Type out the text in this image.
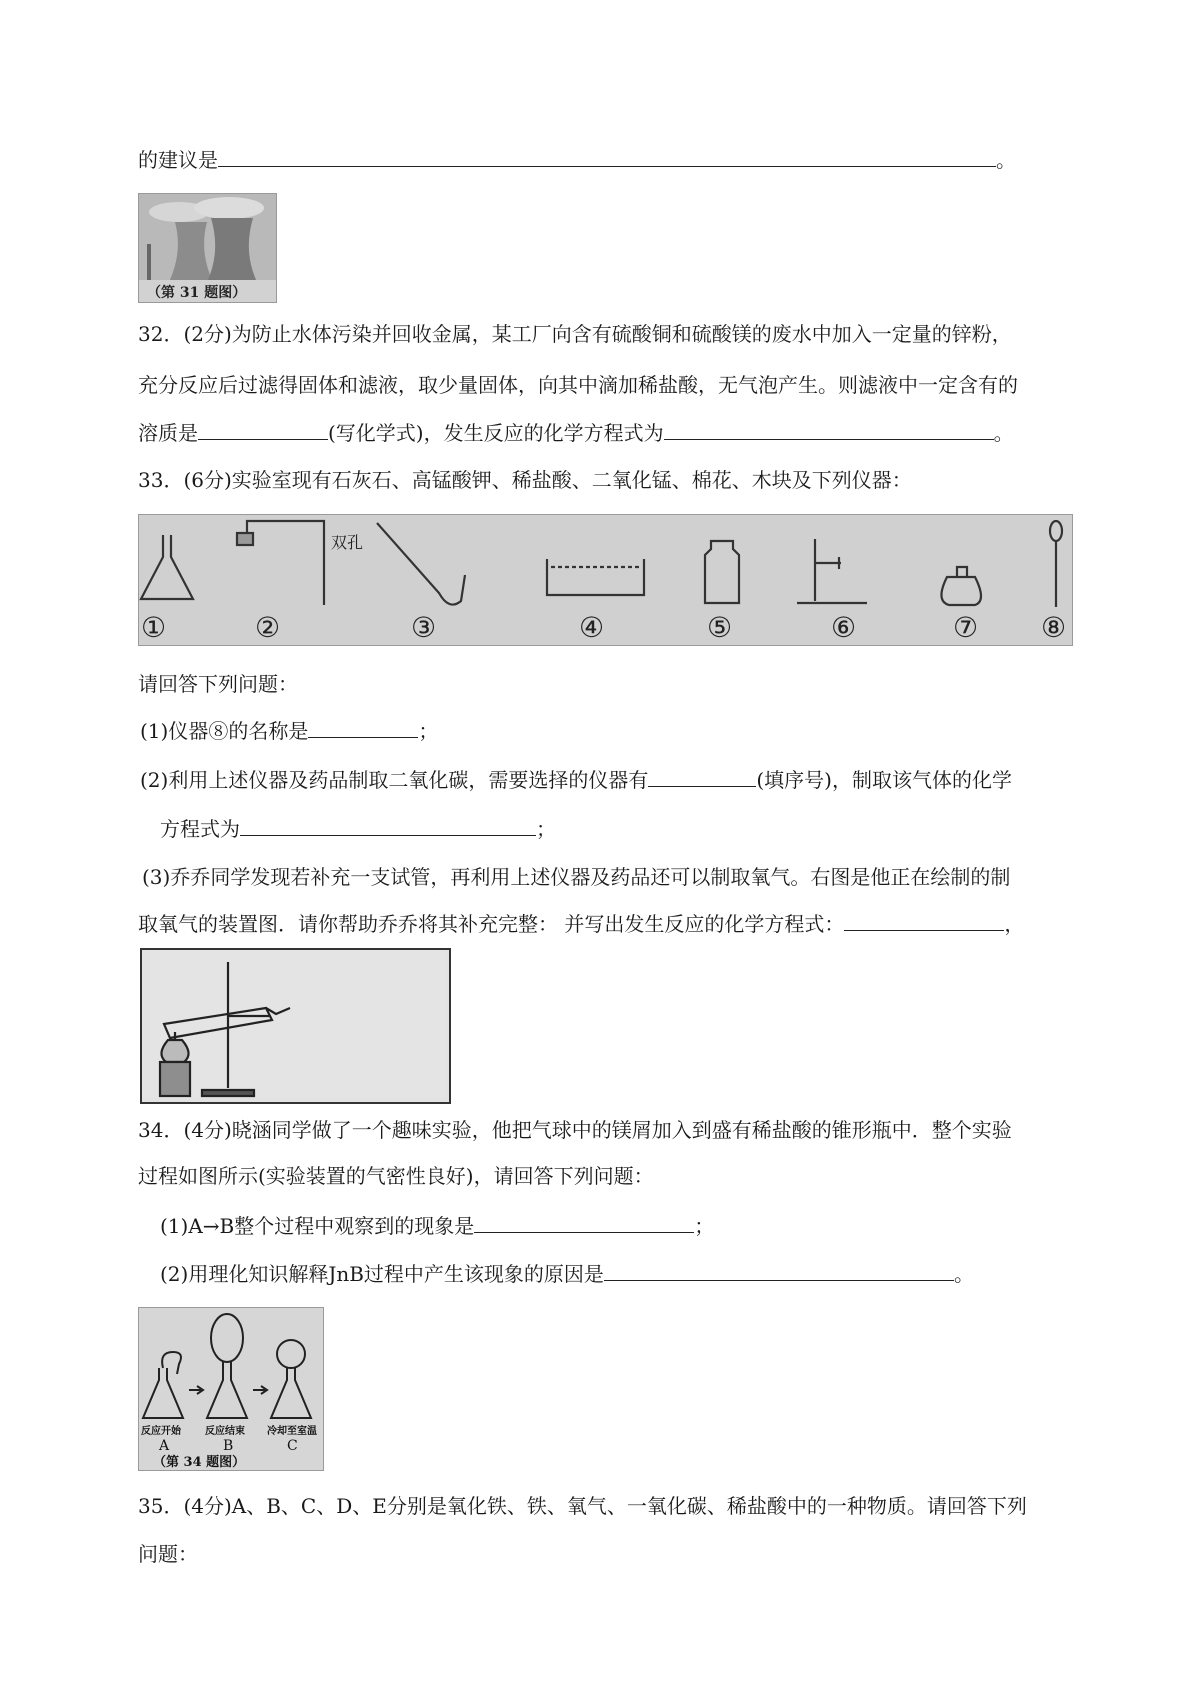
的建议是	。
（第 31 题图）
32．(2分)为防止水体污染并回收金属，某工厂向含有硫酸铜和硫酸镁的废水中加入一定量的锌粉，
充分反应后过滤得固体和滤液，取少量固体，向其中滴加稀盐酸，无气泡产生。则滤液中一定含有的
溶质是	(写化学式)，发生反应的化学方程式为	。
33．(6分)实验室现有石灰石、高锰酸钾、稀盐酸、二氧化锰、棉花、木块及下列仪器：
双孔
①	②	③	④	⑤	⑥	⑦ ⑧
请回答下列问题：
(1)仪器⑧的名称是	；
(2)利用上述仪器及药品制取二氧化碳，需要选择的仪器有	(填序号)，制取该气体的化学
方程式为	；
(3)乔乔同学发现若补充一支试管，再利用上述仪器及药品还可以制取氧气。右图是他正在绘制的制
取氧气的装置图．请你帮助乔乔将其补充完整： 并写出发生反应的化学方程式：	，
34．(4分)晓涵同学做了一个趣味实验，他把气球中的镁屑加入到盛有稀盐酸的锥形瓶中．整个实验
过程如图所示(实验装置的气密性良好)，请回答下列问题：
(1)A→B整个过程中观察到的现象是	；
(2)用理化知识解释JnB过程中产生该现象的原因是	。
反应开始 反应结束 冷却至室温
A	B	C
（第 34 题图）
35．(4分)A、B、C、D、E分别是氧化铁、铁、氧气、一氧化碳、稀盐酸中的一种物质。请回答下列
问题：
